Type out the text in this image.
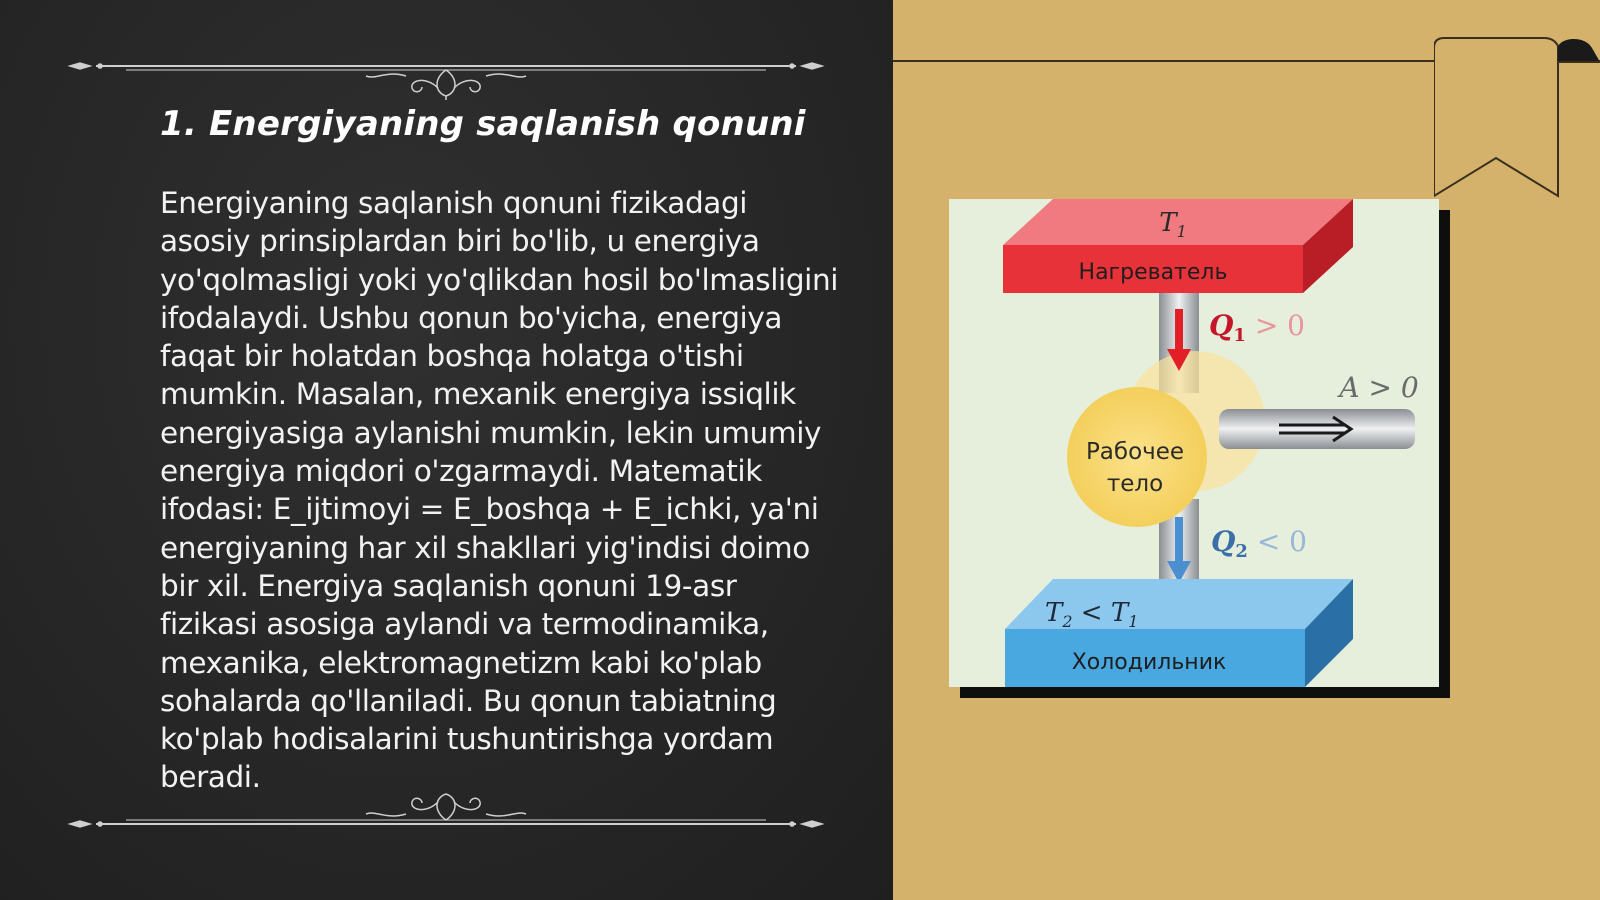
1. Energiyaning saqlanish qonuni

Energiyaning saqlanish qonuni fizikadagi asosiy prinsiplardan biri bo'lib, u energiya yo'qolmasligi yoki yo'qlikdan hosil bo'lmasligini ifodalaydi. Ushbu qonun bo'yicha, energiya faqat bir holatdan boshqa holatga o'tishi mumkin. Masalan, mexanik energiya issiqlik energiyasiga aylanishi mumkin, lekin umumiy energiya miqdori o'zgarmaydi. Matematik ifodasi: E_ijtimoyi = E_boshqa + E_ichki, ya'ni energiyaning har xil shakllari yig'indisi doimo bir xil. Energiya saqlanish qonuni 19-asr fizikasi asosiga aylandi va termodinamika, mexanika, elektromagnetizm kabi ko'plab sohalarda qo'llaniladi. Bu qonun tabiatning ko'plab hodisalarini tushuntirishga yordam beradi.

$T_1$
Нагреватель
Рабочее
тело
$Q_1 > 0$
A > 0
$Q_2 < 0$
$T_2 < T_1$
Холодильник
